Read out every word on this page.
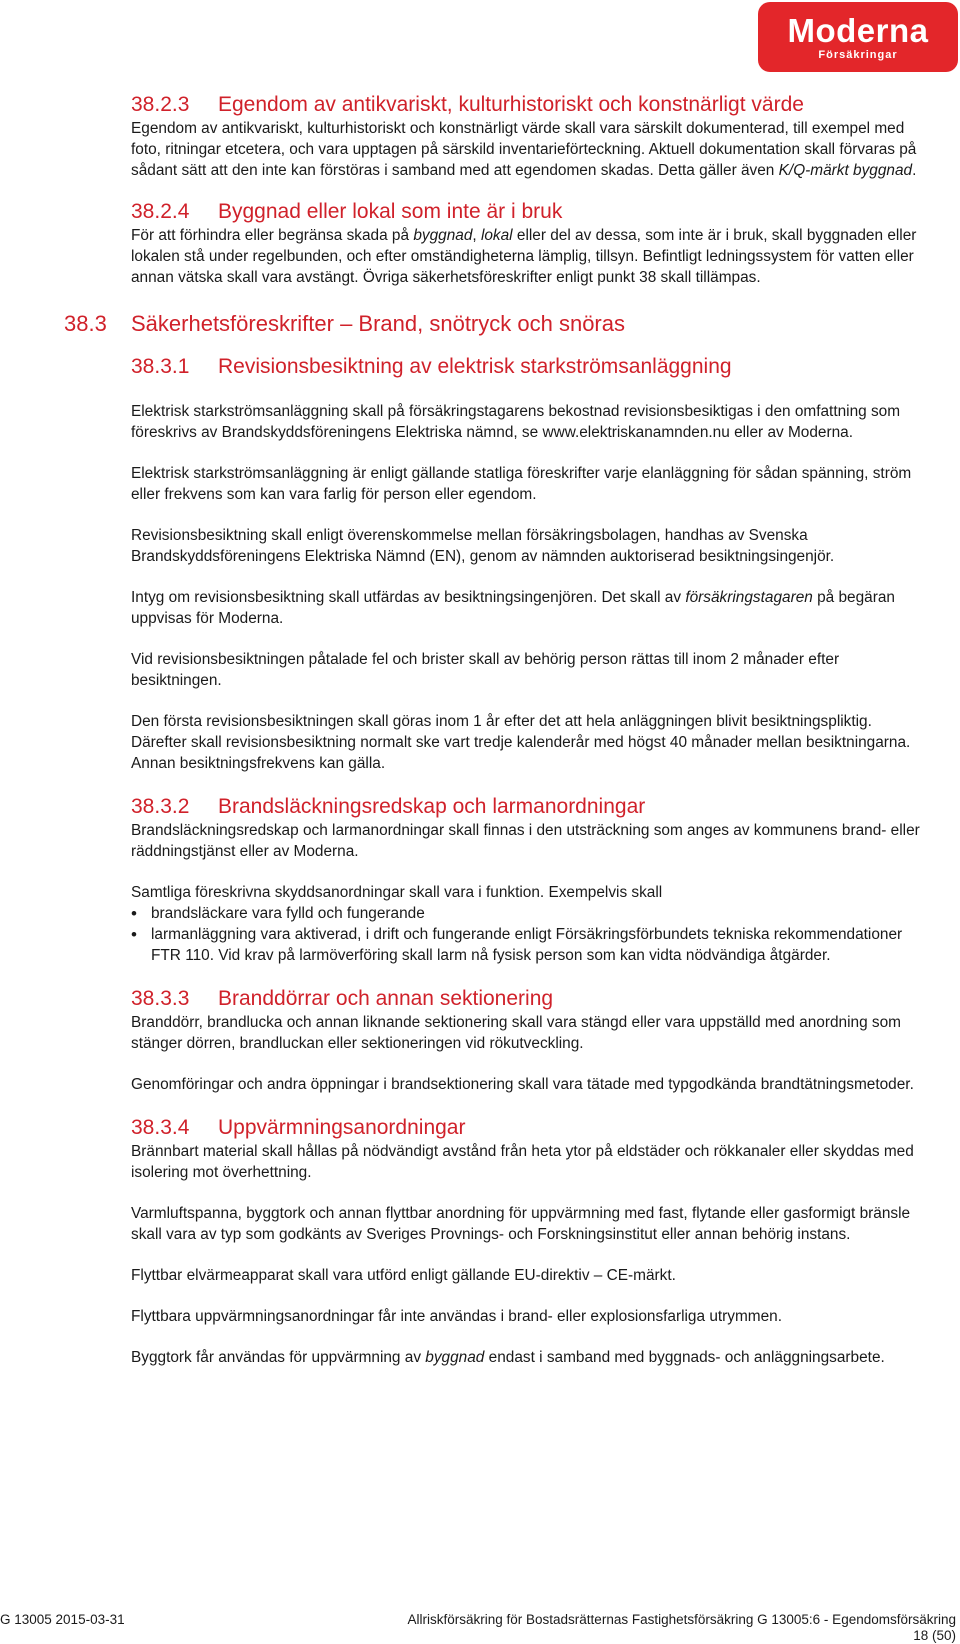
Moderna
Försäkringar
38.2.3 Egendom av antikvariskt, kulturhistoriskt och konstnärligt värde

Egendom av antikvariskt, kulturhistoriskt och konstnärligt värde skall vara särskilt dokumenterad, till exempel med foto, ritningar etcetera, och vara upptagen på särskild inventarieförteckning. Aktuell dokumentation skall förvaras på sådant sätt att den inte kan förstöras i samband med att egendomen skadas. Detta gäller även K/Q-märkt byggnad.

38.2.4 Byggnad eller lokal som inte är i bruk

För att förhindra eller begränsa skada på byggnad, lokal eller del av dessa, som inte är i bruk, skall byggnaden eller lokalen stå under regelbunden, och efter omständigheterna lämplig, tillsyn. Befintligt ledningssystem för vatten eller annan vätska skall vara avstängt. Övriga säkerhetsföreskrifter enligt punkt 38 skall tillämpas.

38.3 Säkerhetsföreskrifter – Brand, snötryck och snöras
38.3.1 Revisionsbesiktning av elektrisk starkströmsanläggning

Elektrisk starkströmsanläggning skall på försäkringstagarens bekostnad revisionsbesiktigas i den omfattning som föreskrivs av Brandskyddsföreningens Elektriska nämnd, se www.elektriskanamnden.nu eller av Moderna.

Elektrisk starkströmsanläggning är enligt gällande statliga föreskrifter varje elanläggning för sådan spänning, ström eller frekvens som kan vara farlig för person eller egendom.

Revisionsbesiktning skall enligt överenskommelse mellan försäkringsbolagen, handhas av Svenska Brandskyddsföreningens Elektriska Nämnd (EN), genom av nämnden auktoriserad besiktningsingenjör.

Intyg om revisionsbesiktning skall utfärdas av besiktningsingenjören. Det skall av försäkringstagaren på begäran uppvisas för Moderna.

Vid revisionsbesiktningen påtalade fel och brister skall av behörig person rättas till inom 2 månader efter besiktningen.

Den första revisionsbesiktningen skall göras inom 1 år efter det att hela anläggningen blivit besiktningspliktig. Därefter skall revisionsbesiktning normalt ske vart tredje kalenderår med högst 40 månader mellan besiktningarna. Annan besiktningsfrekvens kan gälla.

38.3.2 Brandsläckningsredskap och larmanordningar

Brandsläckningsredskap och larmanordningar skall finnas i den utsträckning som anges av kommunens brand- eller räddningstjänst eller av Moderna.

Samtliga föreskrivna skyddsanordningar skall vara i funktion. Exempelvis skall

• brandsläckare vara fylld och fungerande
• larmanläggning vara aktiverad, i drift och fungerande enligt Försäkringsförbundets tekniska rekommendationer FTR 110. Vid krav på larmöverföring skall larm nå fysisk person som kan vidta nödvändiga åtgärder.
38.3.3 Branddörrar och annan sektionering

Branddörr, brandlucka och annan liknande sektionering skall vara stängd eller vara uppställd med anordning som stänger dörren, brandluckan eller sektioneringen vid rökutveckling.

Genomföringar och andra öppningar i brandsektionering skall vara tätade med typgodkända brandtätningsmetoder.

38.3.4 Uppvärmningsanordningar

Brännbart material skall hållas på nödvändigt avstånd från heta ytor på eldstäder och rökkanaler eller skyddas med isolering mot överhettning.

Varmluftspanna, byggtork och annan flyttbar anordning för uppvärmning med fast, flytande eller gasformigt bränsle skall vara av typ som godkänts av Sveriges Provnings- och Forskningsinstitut eller annan behörig instans.

Flyttbar elvärmeapparat skall vara utförd enligt gällande EU-direktiv – CE-märkt.

Flyttbara uppvärmningsanordningar får inte användas i brand- eller explosionsfarliga utrymmen.

Byggtork får användas för uppvärmning av byggnad endast i samband med byggnads- och anläggningsarbete.

G 13005 2015-03-31	Allriskförsäkring för Bostadsrätternas Fastighetsförsäkring G 13005:6 - Egendomsförsäkring
18 (50)
